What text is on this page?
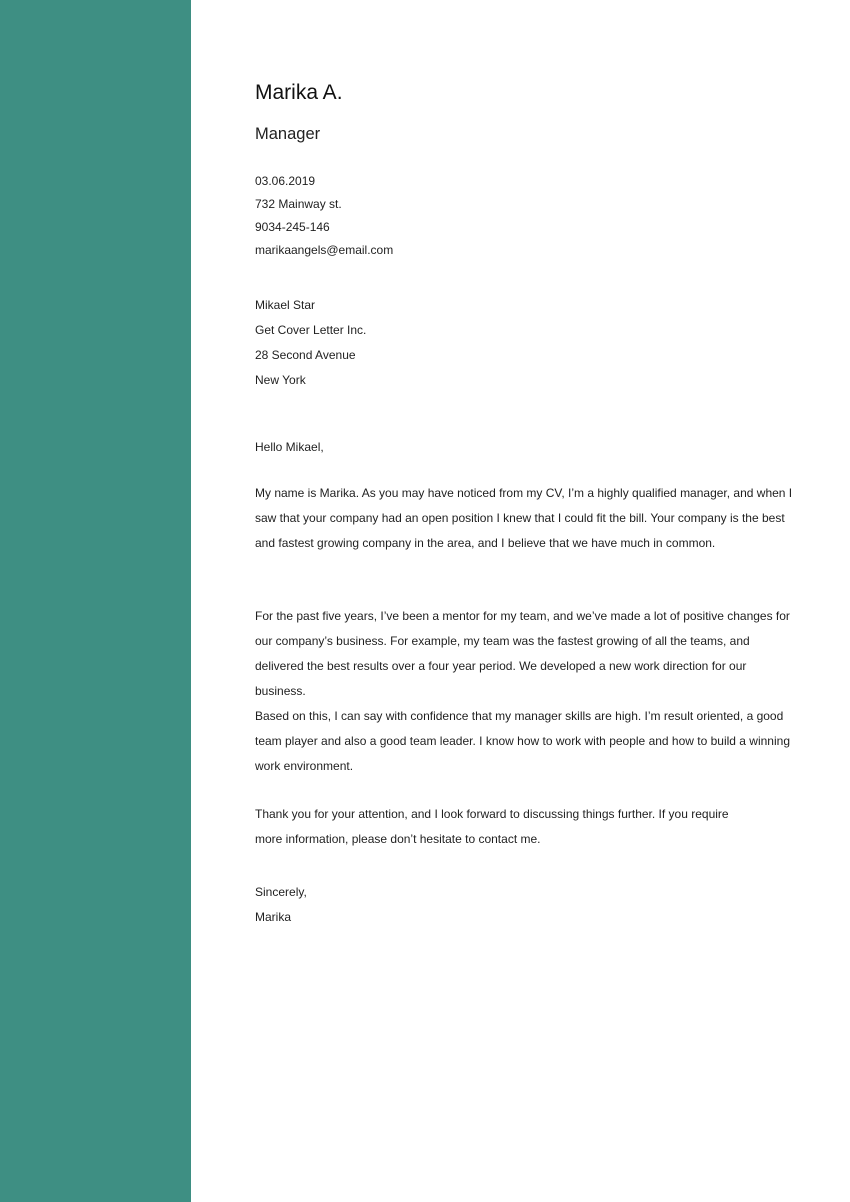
Marika A.
Manager
03.06.2019
732 Mainway st.
9034-245-146
marikaangels@email.com
Mikael Star
Get Cover Letter Inc.
28 Second Avenue
New York
Hello Mikael,
My name is Marika. As you may have noticed from my CV, I’m a highly qualified manager, and when I saw that your company had an open position I knew that I could fit the bill. Your company is the best and fastest growing company in the area, and I believe that we have much in common.
For the past five years, I’ve been a mentor for my team, and we’ve made a lot of positive changes for our company’s business. For example, my team was the fastest growing of all the teams, and delivered the best results over a four year period. We developed a new work direction for our business.
Based on this, I can say with confidence that my manager skills are high. I’m result oriented, a good team player and also a good team leader. I know how to work with people and how to build a winning work environment.
Thank you for your attention, and I look forward to discussing things further. If you require more information, please don’t hesitate to contact me.
Sincerely,
Marika
